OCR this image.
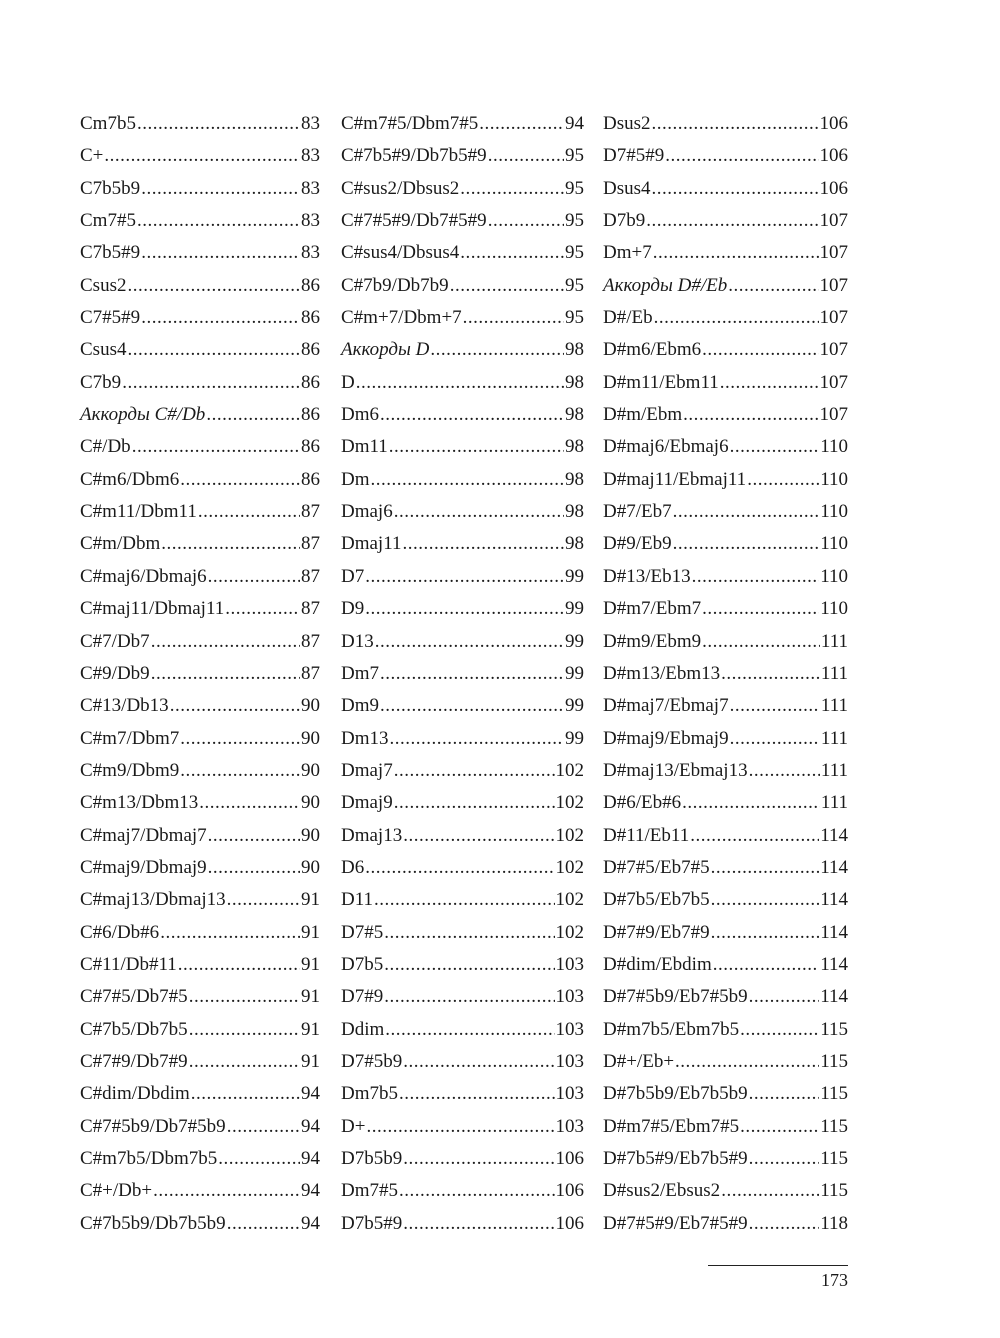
Cm7b5 .....	83
C+ .....	83
C7b5b9 .....	83
Cm7#5 .....	83
C7b5#9 .....	83
Csus2 .....	86
C7#5#9 .....	86
Csus4 .....	86
C7b9 .....	86
Аккорды C#/Db .....	86
C#/Db .....	86
C#m6/Dbm6 .....	86
C#m11/Dbm11 .....	87
C#m/Dbm .....	87
C#maj6/Dbmaj6 .....	87
C#maj11/Dbmaj11 .....	87
C#7/Db7 .....	87
C#9/Db9 .....	87
C#13/Db13 .....	90
C#m7/Dbm7 .....	90
C#m9/Dbm9 .....	90
C#m13/Dbm13 .....	90
C#maj7/Dbmaj7 .....	90
C#maj9/Dbmaj9 .....	90
C#maj13/Dbmaj13 .....	91
C#6/Db#6 .....	91
C#11/Db#11 .....	91
C#7#5/Db7#5 .....	91
C#7b5/Db7b5 .....	91
C#7#9/Db7#9 .....	91
C#dim/Dbdim .....	94
C#7#5b9/Db7#5b9 .....	94
C#m7b5/Dbm7b5 .....	94
C#+/Db+ .....	94
C#7b5b9/Db7b5b9 .....	94
C#m7#5/Dbm7#5 .....	94
C#7b5#9/Db7b5#9 .....	95
C#sus2/Dbsus2 .....	95
C#7#5#9/Db7#5#9 .....	95
C#sus4/Dbsus4 .....	95
C#7b9/Db7b9 .....	95
C#m+7/Dbm+7 .....	95
Аккорды D .....	98
D .....	98
Dm6 .....	98
Dm11 .....	98
Dm .....	98
Dmaj6 .....	98
Dmaj11 .....	98
D7 .....	99
D9 .....	99
D13 .....	99
Dm7 .....	99
Dm9 .....	99
Dm13 .....	99
Dmaj7 .....	102
Dmaj9 .....	102
Dmaj13 .....	102
D6 .....	102
D11 .....	102
D7#5 .....	102
D7b5 .....	103
D7#9 .....	103
Ddim .....	103
D7#5b9 .....	103
Dm7b5 .....	103
D+ .....	103
D7b5b9 .....	106
Dm7#5 .....	106
D7b5#9 .....	106
Dsus2 .....	106
D7#5#9 .....	106
Dsus4 .....	106
D7b9 .....	107
Dm+7 .....	107
Аккорды D#/Eb .....	107
D#/Eb .....	107
D#m6/Ebm6 .....	107
D#m11/Ebm11 .....	107
D#m/Ebm .....	107
D#maj6/Ebmaj6 .....	110
D#maj11/Ebmaj11 .....	110
D#7/Eb7 .....	110
D#9/Eb9 .....	110
D#13/Eb13 .....	110
D#m7/Ebm7 .....	110
D#m9/Ebm9 .....	111
D#m13/Ebm13 .....	111
D#maj7/Ebmaj7 .....	111
D#maj9/Ebmaj9 .....	111
D#maj13/Ebmaj13 .....	111
D#6/Eb#6 .....	111
D#11/Eb11 .....	114
D#7#5/Eb7#5 .....	114
D#7b5/Eb7b5 .....	114
D#7#9/Eb7#9 .....	114
D#dim/Ebdim .....	114
D#7#5b9/Eb7#5b9 .....	114
D#m7b5/Ebm7b5 .....	115
D#+/Eb+ .....	115
D#7b5b9/Eb7b5b9 .....	115
D#m7#5/Ebm7#5 .....	115
D#7b5#9/Eb7b5#9 .....	115
D#sus2/Ebsus2 .....	115
D#7#5#9/Eb7#5#9 .....	118
173
